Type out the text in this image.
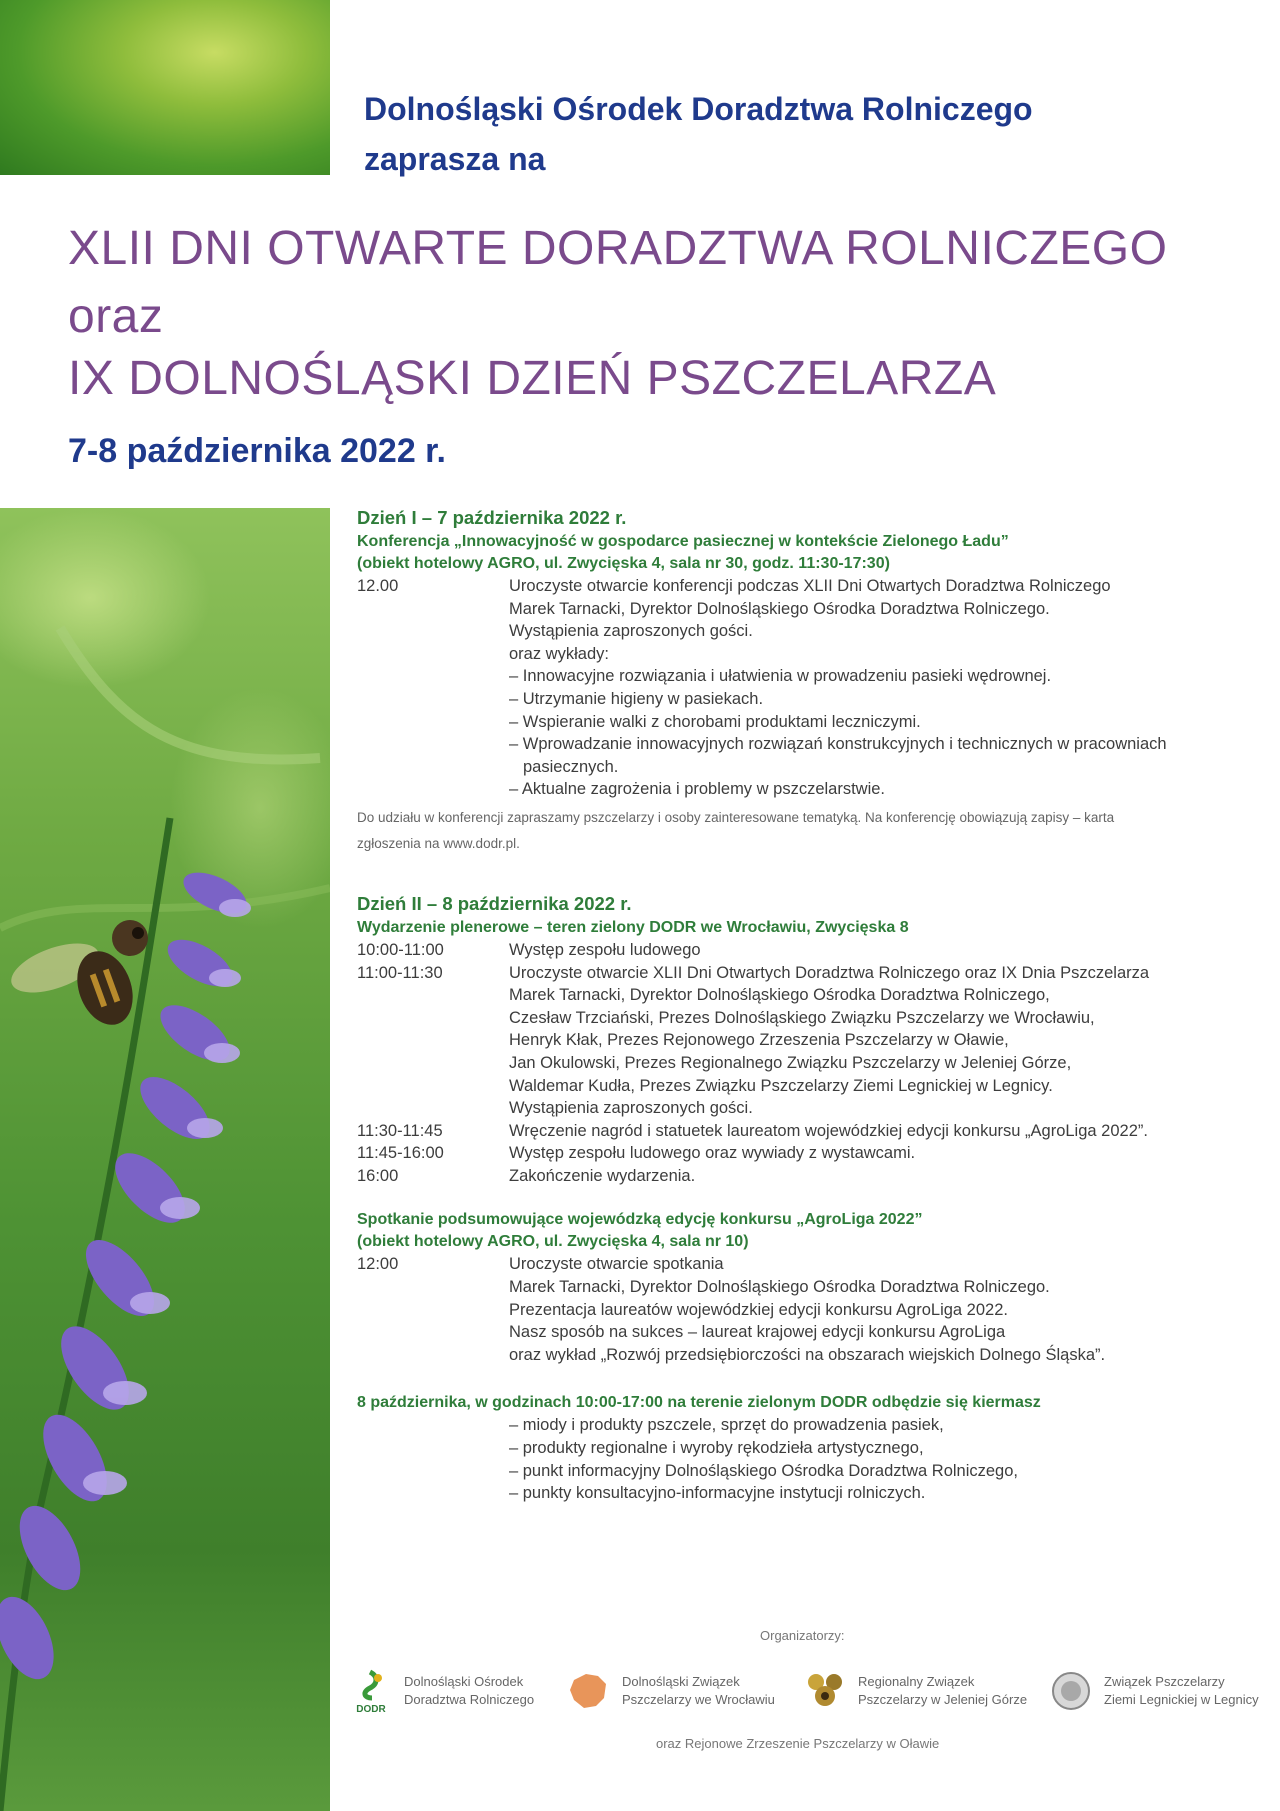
Dolnośląski Ośrodek Doradztwa Rolniczego
zaprasza na
XLII DNI OTWARTE DORADZTWA ROLNICZEGO
oraz
IX DOLNOŚLĄSKI DZIEŃ PSZCZELARZA
7-8 października 2022 r.
Dzień I – 7 października 2022 r.
Konferencja „Innowacyjność w gospodarce pasiecznej w kontekście Zielonego Ładu”
(obiekt hotelowy AGRO, ul. Zwycięska 4, sala nr 30, godz. 11:30-17:30)
12.00	Uroczyste otwarcie konferencji podczas XLII Dni Otwartych Doradztwa Rolniczego
Marek Tarnacki, Dyrektor Dolnośląskiego Ośrodka Doradztwa Rolniczego.
Wystąpienia zaproszonych gości.
oraz wykłady:
– Innowacyjne rozwiązania i ułatwienia w prowadzeniu pasieki wędrownej.
– Utrzymanie higieny w pasiekach.
– Wspieranie walki z chorobami produktami leczniczymi.
– Wprowadzanie innowacyjnych rozwiązań konstrukcyjnych i technicznych w pracowniach
pasiecznych.
– Aktualne zagrożenia i problemy w pszczelarstwie.
Do udziału w konferencji zapraszamy pszczelarzy i osoby zainteresowane tematyką. Na konferencję obowiązują zapisy – karta
zgłoszenia na www.dodr.pl.
Dzień II – 8 października 2022 r.
Wydarzenie plenerowe – teren zielony DODR we Wrocławiu, Zwycięska 8
10:00-11:00	Występ zespołu ludowego
11:00-11:30	Uroczyste otwarcie XLII Dni Otwartych Doradztwa Rolniczego oraz IX Dnia Pszczelarza
Marek Tarnacki, Dyrektor Dolnośląskiego Ośrodka Doradztwa Rolniczego,
Czesław Trzciański, Prezes Dolnośląskiego Związku Pszczelarzy we Wrocławiu,
Henryk Kłak, Prezes Rejonowego Zrzeszenia Pszczelarzy w Oławie,
Jan Okulowski, Prezes Regionalnego Związku Pszczelarzy w Jeleniej Górze,
Waldemar Kudła, Prezes Związku Pszczelarzy Ziemi Legnickiej w Legnicy.
Wystąpienia zaproszonych gości.
11:30-11:45	Wręczenie nagród i statuetek laureatom wojewódzkiej edycji konkursu „AgroLiga 2022”.
11:45-16:00	Występ zespołu ludowego oraz wywiady z wystawcami.
16:00	Zakończenie wydarzenia.
Spotkanie podsumowujące wojewódzką edycję konkursu „AgroLiga 2022”
(obiekt hotelowy AGRO, ul. Zwycięska 4, sala nr 10)
12:00	Uroczyste otwarcie spotkania
Marek Tarnacki, Dyrektor Dolnośląskiego Ośrodka Doradztwa Rolniczego.
Prezentacja laureatów wojewódzkiej edycji konkursu AgroLiga 2022.
Nasz sposób na sukces – laureat krajowej edycji konkursu AgroLiga
oraz wykład „Rozwój przedsiębiorczości na obszarach wiejskich Dolnego Śląska”.
8 października, w godzinach 10:00-17:00 na terenie zielonym DODR odbędzie się kiermasz
– miody i produkty pszczele, sprzęt do prowadzenia pasiek,
– produkty regionalne i wyroby rękodzieła artystycznego,
– punkt informacyjny Dolnośląskiego Ośrodka Doradztwa Rolniczego,
– punkty konsultacyjno-informacyjne instytucji rolniczych.
Organizatorzy:
DODR
Dolnośląski Ośrodek
Doradztwa Rolniczego
Dolnośląski Związek
Pszczelarzy we Wrocławiu
Regionalny Związek
Pszczelarzy w Jeleniej Górze
Związek Pszczelarzy
Ziemi Legnickiej w Legnicy
oraz Rejonowe Zrzeszenie Pszczelarzy w Oławie
